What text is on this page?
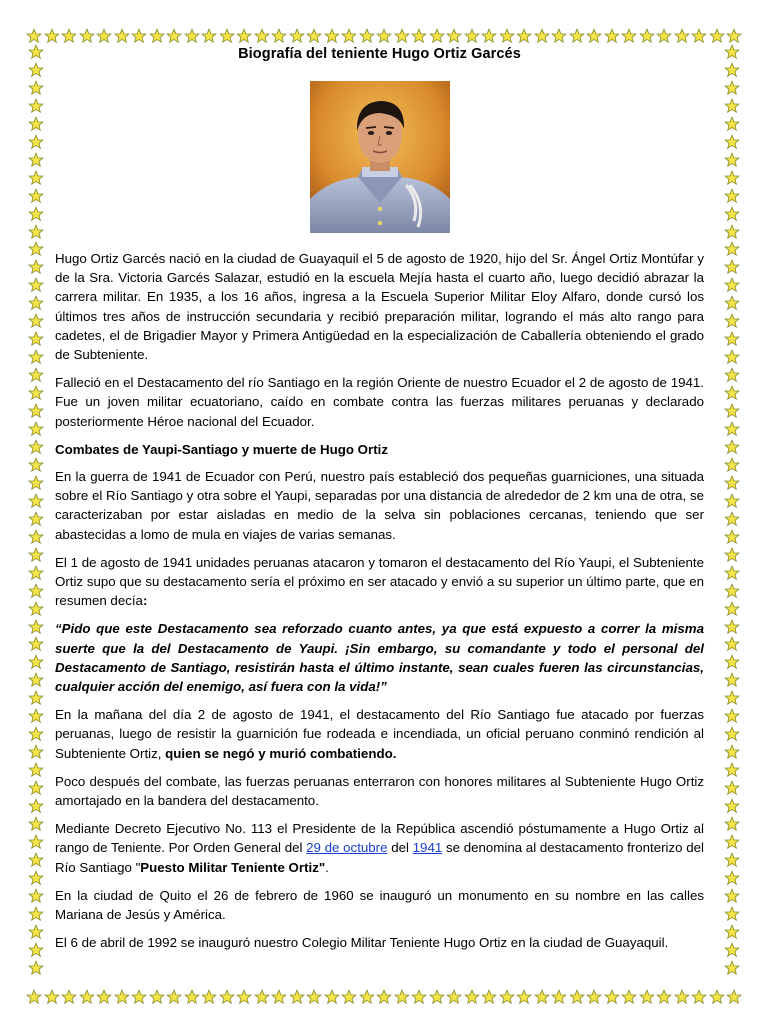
Biografía del teniente Hugo Ortiz Garcés

Hugo Ortiz Garcés nació en la ciudad de Guayaquil el 5 de agosto de 1920, hijo del Sr. Ángel Ortiz Montúfar y de la Sra. Victoria Garcés Salazar, estudió en la escuela Mejía hasta el cuarto año, luego decidió abrazar la carrera militar. En 1935, a los 16 años, ingresa a la Escuela Superior Militar Eloy Alfaro, donde cursó los últimos tres años de instrucción secundaria y recibió preparación militar, logrando el más alto rango para cadetes, el de Brigadier Mayor y Primera Antigüedad en la especialización de Caballería obteniendo el grado de Subteniente.

Falleció en el Destacamento del río Santiago en la región Oriente de nuestro Ecuador el 2 de agosto de 1941. Fue un joven militar ecuatoriano, caído en combate contra las fuerzas militares peruanas y declarado posteriormente Héroe nacional del Ecuador.

Combates de Yaupi-Santiago y muerte de Hugo Ortiz

En la guerra de 1941 de Ecuador con Perú, nuestro país estableció dos pequeñas guarniciones, una situada sobre el Río Santiago y otra sobre el Yaupi, separadas por una distancia de alrededor de 2 km una de otra, se caracterizaban por estar aisladas en medio de la selva sin poblaciones cercanas, teniendo que ser abastecidas a lomo de mula en viajes de varias semanas.

El 1 de agosto de 1941 unidades peruanas atacaron y tomaron el destacamento del Río Yaupi, el Subteniente Ortiz supo que su destacamento sería el próximo en ser atacado y envió a su superior un último parte, que en resumen decía:

“Pido que este Destacamento sea reforzado cuanto antes, ya que está expuesto a correr la misma suerte que la del Destacamento de Yaupi. ¡Sin embargo, su comandante y todo el personal del Destacamento de Santiago, resistirán hasta el último instante, sean cuales fueren las circunstancias, cualquier acción del enemigo, así fuera con la vida!”

En la mañana del día 2 de agosto de 1941, el destacamento del Río Santiago fue atacado por fuerzas peruanas, luego de resistir la guarnición fue rodeada e incendiada, un oficial peruano conminó rendición al Subteniente Ortiz, quien se negó y murió combatiendo.

Poco después del combate, las fuerzas peruanas enterraron con honores militares al Subteniente Hugo Ortiz amortajado en la bandera del destacamento.

Mediante Decreto Ejecutivo No. 113 el Presidente de la República ascendió póstumamente a Hugo Ortiz al rango de Teniente. Por Orden General del 29 de octubre del 1941 se denomina al destacamento fronterizo del Río Santiago "Puesto Militar Teniente Ortiz".

En la ciudad de Quito el 26 de febrero de 1960 se inauguró un monumento en su nombre en las calles Mariana de Jesús y América.

El 6 de abril de 1992 se inauguró nuestro Colegio Militar Teniente Hugo Ortiz en la ciudad de Guayaquil.
